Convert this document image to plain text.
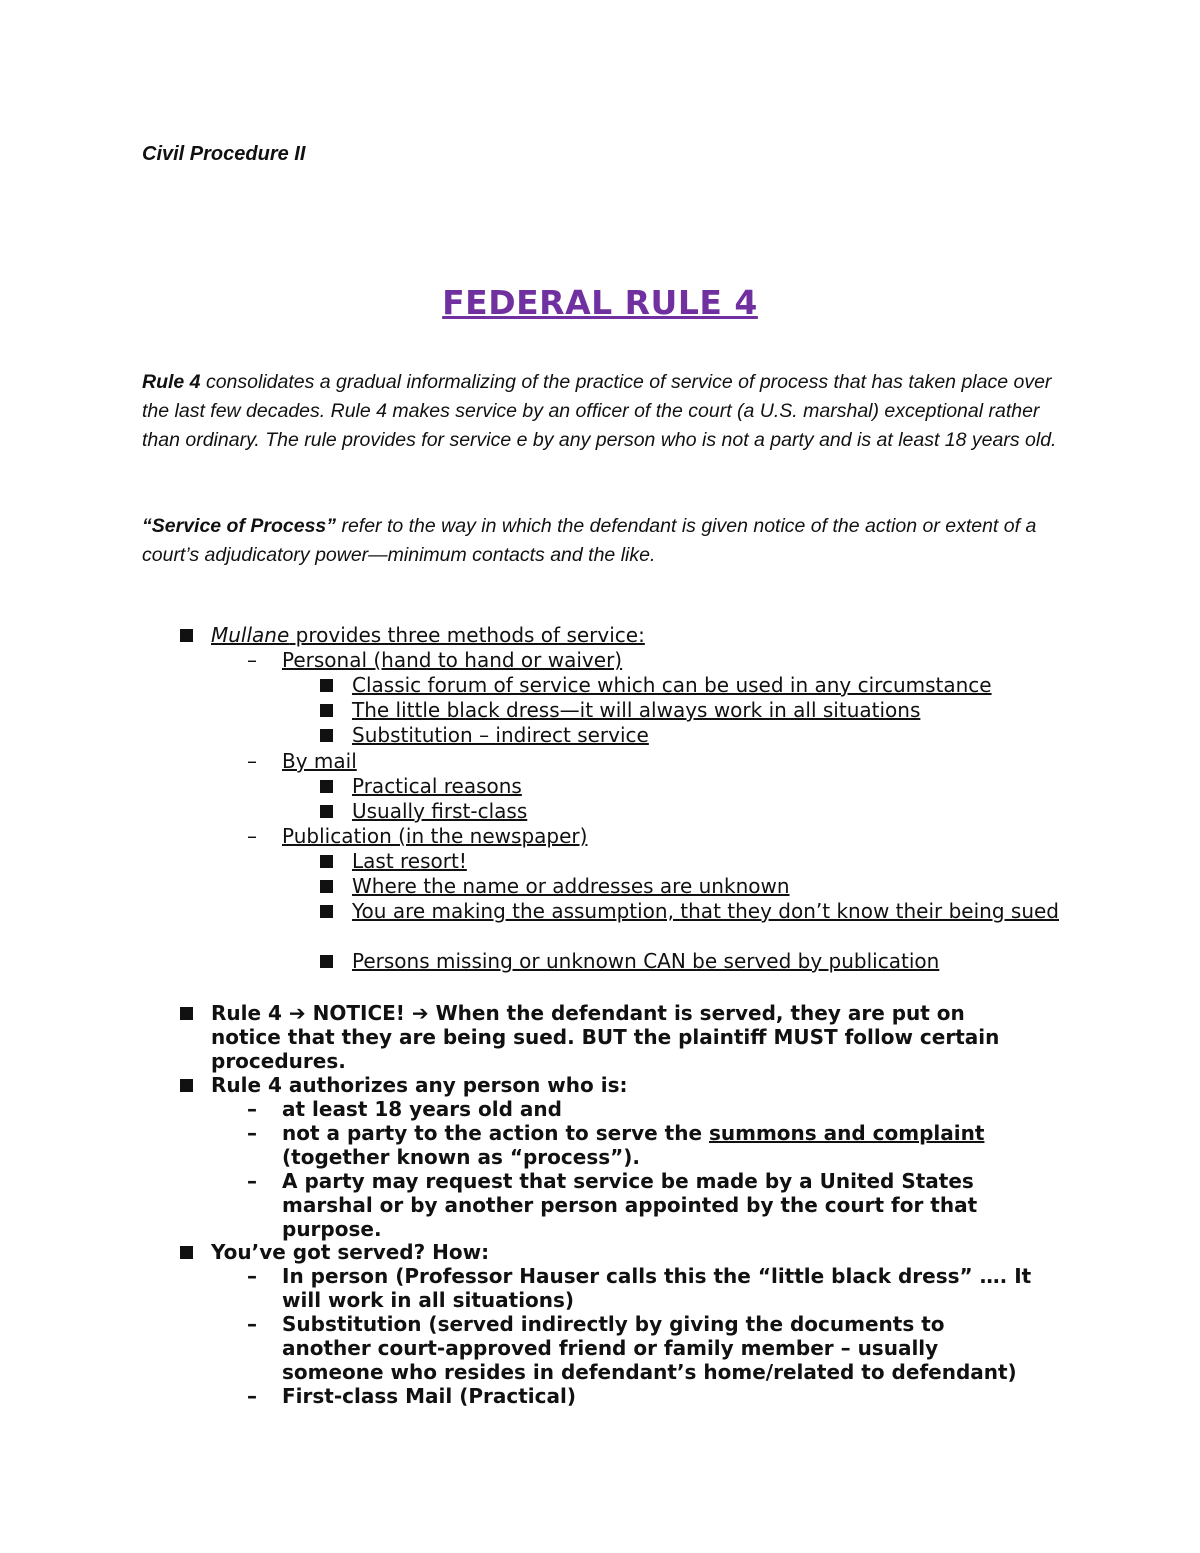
Civil Procedure II
FEDERAL RULE 4
Rule 4 consolidates a gradual informalizing of the practice of service of process that has taken place over the last few decades. Rule 4 makes service by an officer of the court (a U.S. marshal) exceptional rather than ordinary. The rule provides for service e by any person who is not a party and is at least 18 years old.
“Service of Process” refer to the way in which the defendant is given notice of the action or extent of a court’s adjudicatory power—minimum contacts and the like.
Mullane provides three methods of service:
– Personal (hand to hand or waiver)
Classic forum of service which can be used in any circumstance
The little black dress—it will always work in all situations
Substitution – indirect service
– By mail
Practical reasons
Usually first-class
– Publication (in the newspaper)
Last resort!
Where the name or addresses are unknown
You are making the assumption, that they don’t know their being sued
Persons missing or unknown CAN be served by publication
Rule 4 ➔ NOTICE! ➔ When the defendant is served, they are put on
notice that they are being sued. BUT the plaintiff MUST follow certain
procedures.
Rule 4 authorizes any person who is:
– at least 18 years old and
– not a party to the action to serve the summons and complaint
(together known as “process”).
– A party may request that service be made by a United States
marshal or by another person appointed by the court for that
purpose.
You’ve got served? How:
– In person (Professor Hauser calls this the “little black dress” …. It
will work in all situations)
– Substitution (served indirectly by giving the documents to
another court-approved friend or family member – usually
someone who resides in defendant’s home/related to defendant)
– First-class Mail (Practical)
